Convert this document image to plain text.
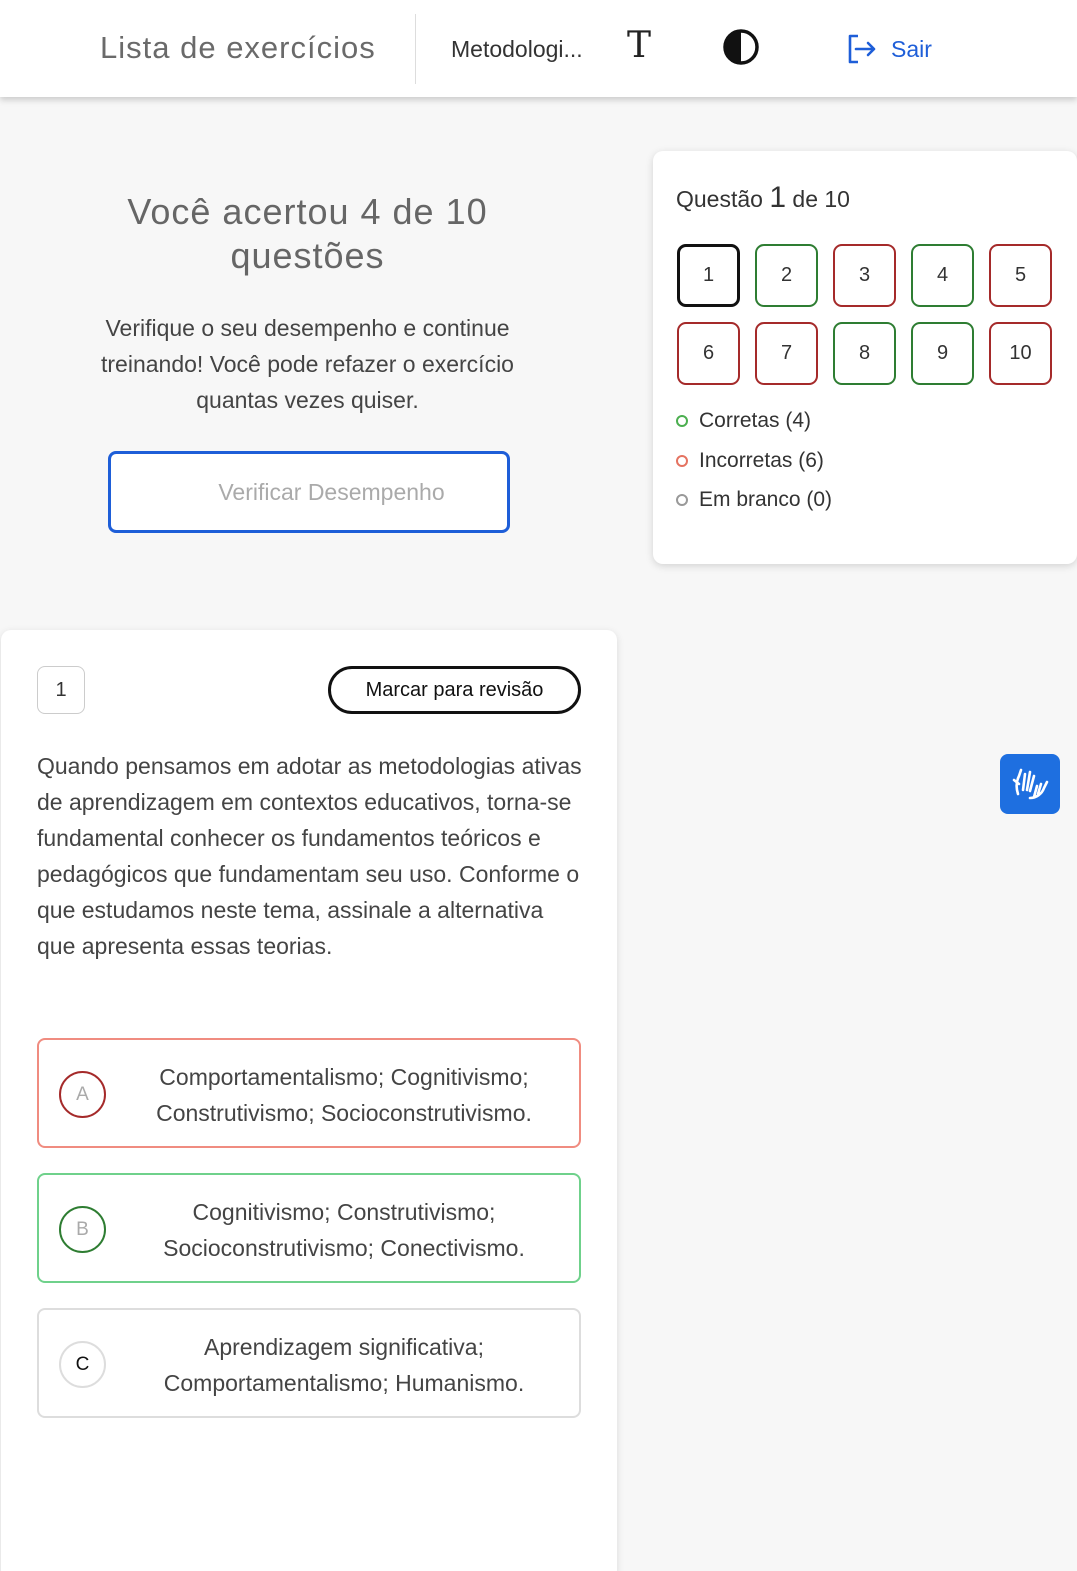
Lista de exercícios	Metodologi... T	Sair
Você acertou 4 de 10 questões
Verifique o seu desempenho e continue treinando! Você pode refazer o exercício quantas vezes quiser.
Verificar Desempenho
Questão 1 de 10
1	2	3	4	5
6	7	8	9	10
Corretas (4)
Incorretas (6)
Em branco (0)
1	Marcar para revisão
Quando pensamos em adotar as metodologias ativas de aprendizagem em contextos educativos, torna-se fundamental conhecer os fundamentos teóricos e pedagógicos que fundamentam seu uso. Conforme o que estudamos neste tema, assinale a alternativa que apresenta essas teorias.
A
Comportamentalismo; Cognitivismo; Construtivismo; Socioconstrutivismo.
B
Cognitivismo; Construtivismo; Socioconstrutivismo; Conectivismo.
C
Aprendizagem significativa; Comportamentalismo; Humanismo.
